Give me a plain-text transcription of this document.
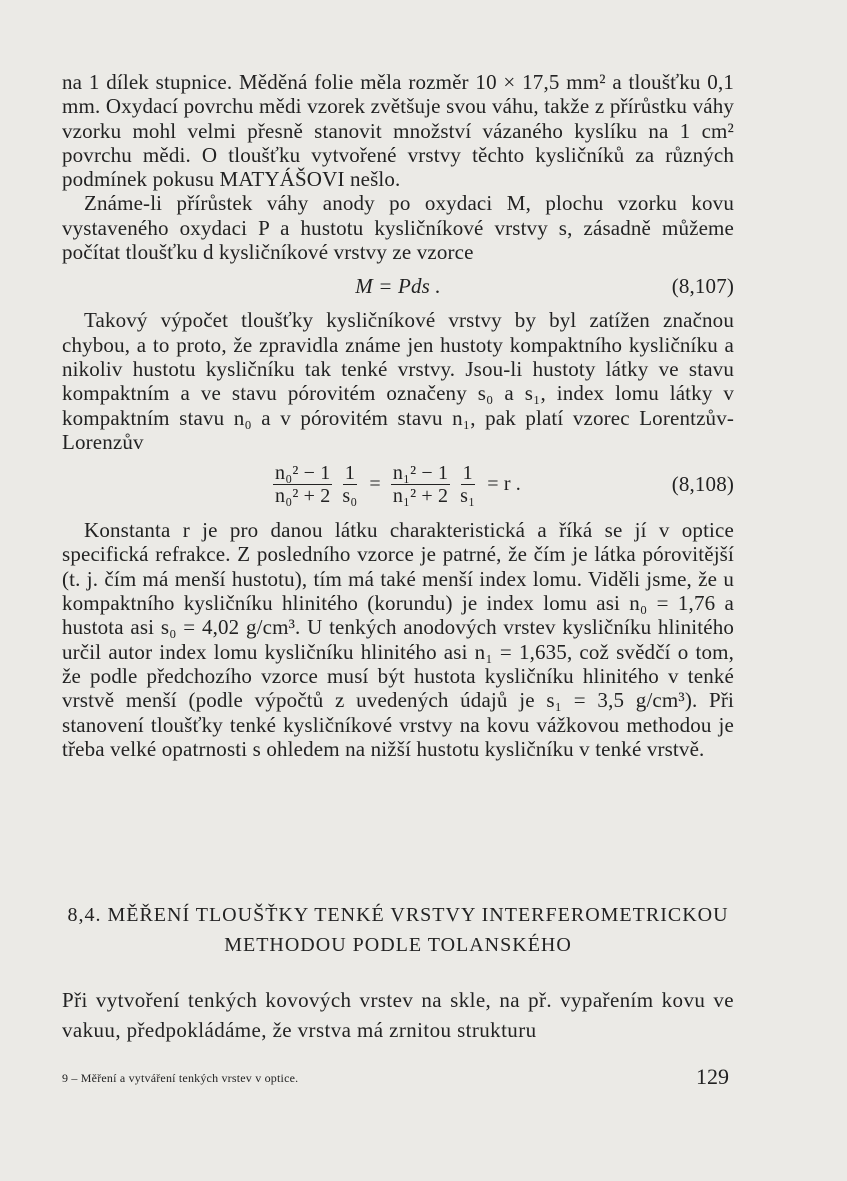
na 1 dílek stupnice. Měděná folie měla rozměr 10 × 17,5 mm² a tloušťku 0,1 mm. Oxydací povrchu mědi vzorek zvětšuje svou váhu, takže z přírůstku váhy vzorku mohl velmi přesně stanovit množství vázaného kyslíku na 1 cm² povrchu mědi. O tloušťku vytvořené vrstvy těchto kysličníků za různých podmínek pokusu MATYÁŠOVI nešlo.

Známe-li přírůstek váhy anody po oxydaci M, plochu vzorku kovu vystaveného oxydaci P a hustotu kysličníkové vrstvy s, zásadně můžeme počítat tloušťku d kysličníkové vrstvy ze vzorce

M = Pds .	(8,107)

Takový výpočet tloušťky kysličníkové vrstvy by byl zatížen značnou chybou, a to proto, že zpravidla známe jen hustoty kompaktního kysličníku a nikoliv hustotu kysličníku tak tenké vrstvy. Jsou-li hustoty látky ve stavu kompaktním a ve stavu pórovitém označeny s₀ a s₁, index lomu látky v kompaktním stavu n₀ a v pórovitém stavu n₁, pak platí vzorec Lorentzův-Lorenzův

$\frac{\text{n₀² − 1}}{\text{n₀² + 2}} \frac{1}{\text{s₀}} = \frac{\text{n₁² − 1}}{\text{n₁² + 2}} \frac{1}{\text{s₁}} = r$ .	(8,108)

Konstanta r je pro danou látku charakteristická a říká se jí v optice specifická refrakce. Z posledního vzorce je patrné, že čím je látka pórovitější (t. j. čím má menší hustotu), tím má také menší index lomu. Viděli jsme, že u kompaktního kysličníku hlinitého (korundu) je index lomu asi n₀ = 1,76 a hustota asi s₀ = 4,02 g/cm³. U tenkých anodových vrstev kysličníku hlinitého určil autor index lomu kysličníku hlinitého asi n₁ = 1,635, což svědčí o tom, že podle předchozího vzorce musí být hustota kysličníku hlinitého v tenké vrstvě menší (podle výpočtů z uvedených údajů je s₁ = 3,5 g/cm³). Při stanovení tloušťky tenké kysličníkové vrstvy na kovu vážkovou methodou je třeba velké opatrnosti s ohledem na nižší hustotu kysličníku v tenké vrstvě.

8,4. MĚŘENÍ TLOUŠŤKY TENKÉ VRSTVY INTERFEROMETRICKOU
METHODOU PODLE TOLANSKÉHO
Při vytvoření tenkých kovových vrstev na skle, na př. vypařením kovu ve vakuu, předpokládáme, že vrstva má zrnitou strukturu
9 – Měření a vytváření tenkých vrstev v optice.	129
